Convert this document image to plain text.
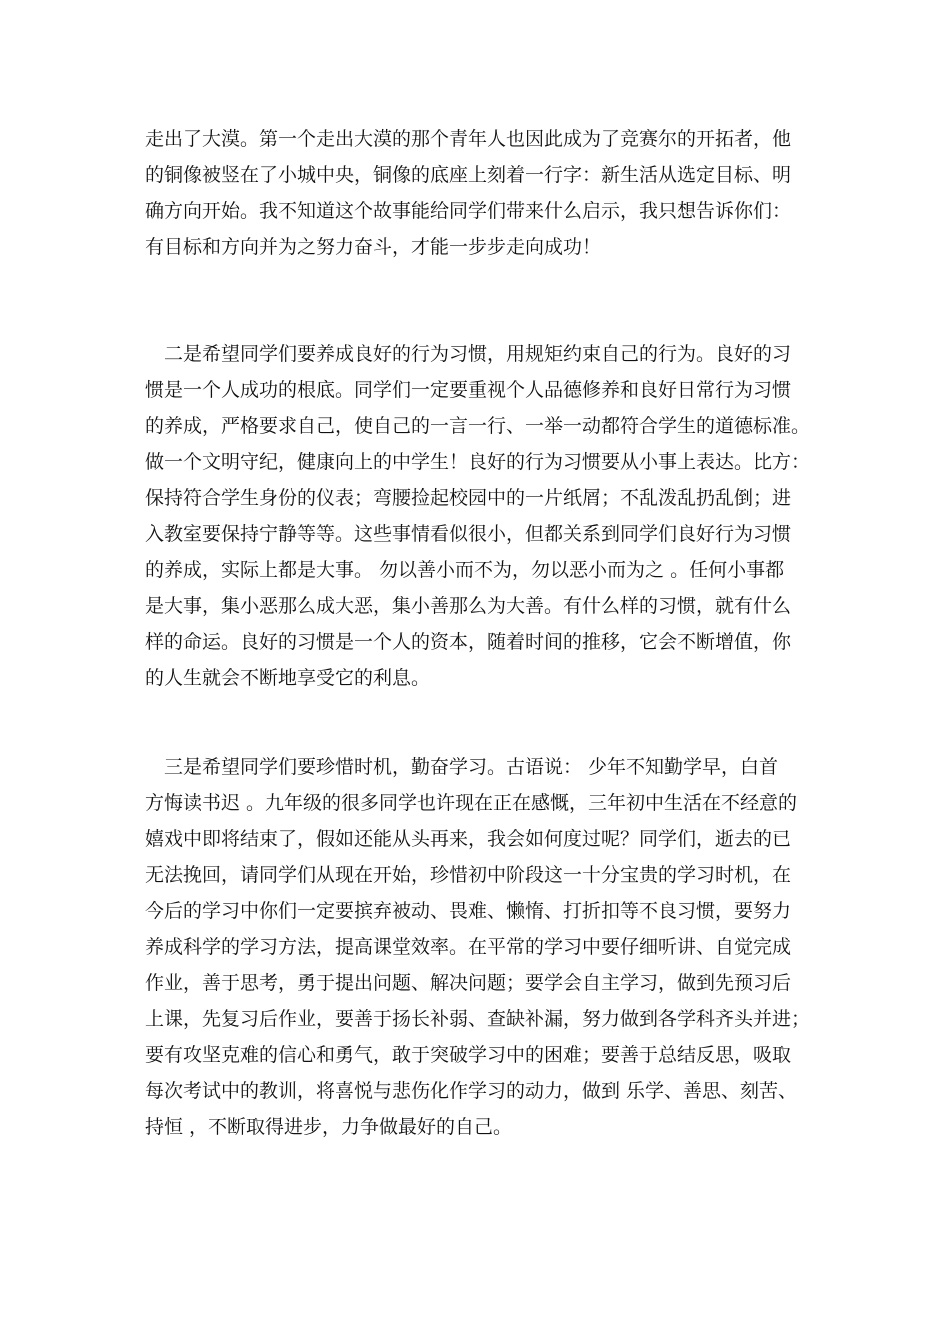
走出了大漠。第一个走出大漠的那个青年人也因此成为了竞赛尔的开拓者，他
的铜像被竖在了小城中央，铜像的底座上刻着一行字：新生活从选定目标、明
确方向开始。我不知道这个故事能给同学们带来什么启示，我只想告诉你们：
有目标和方向并为之努力奋斗，才能一步步走向成功！
　二是希望同学们要养成良好的行为习惯，用规矩约束自己的行为。良好的习
惯是一个人成功的根底。同学们一定要重视个人品德修养和良好日常行为习惯
的养成，严格要求自己，使自己的一言一行、一举一动都符合学生的道德标准。
做一个文明守纪，健康向上的中学生！良好的行为习惯要从小事上表达。比方：
保持符合学生身份的仪表；弯腰捡起校园中的一片纸屑；不乱泼乱扔乱倒；进
入教室要保持宁静等等。这些事情看似很小，但都关系到同学们良好行为习惯
的养成，实际上都是大事。 勿以善小而不为，勿以恶小而为之 。任何小事都
是大事，集小恶那么成大恶，集小善那么为大善。有什么样的习惯，就有什么
样的命运。良好的习惯是一个人的资本，随着时间的推移，它会不断增值，你
的人生就会不断地享受它的利息。
　三是希望同学们要珍惜时机，勤奋学习。古语说： 少年不知勤学早，白首
方悔读书迟 。九年级的很多同学也许现在正在感慨，三年初中生活在不经意的
嬉戏中即将结束了，假如还能从头再来，我会如何度过呢？同学们，逝去的已
无法挽回，请同学们从现在开始，珍惜初中阶段这一十分宝贵的学习时机，在
今后的学习中你们一定要摈弃被动、畏难、懒惰、打折扣等不良习惯，要努力
养成科学的学习方法，提高课堂效率。在平常的学习中要仔细听讲、自觉完成
作业，善于思考，勇于提出问题、解决问题；要学会自主学习，做到先预习后
上课，先复习后作业，要善于扬长补弱、查缺补漏，努力做到各学科齐头并进；
要有攻坚克难的信心和勇气，敢于突破学习中的困难；要善于总结反思，吸取
每次考试中的教训，将喜悦与悲伤化作学习的动力，做到 乐学、善思、刻苦、
持恒 ，不断取得进步，力争做最好的自己。
